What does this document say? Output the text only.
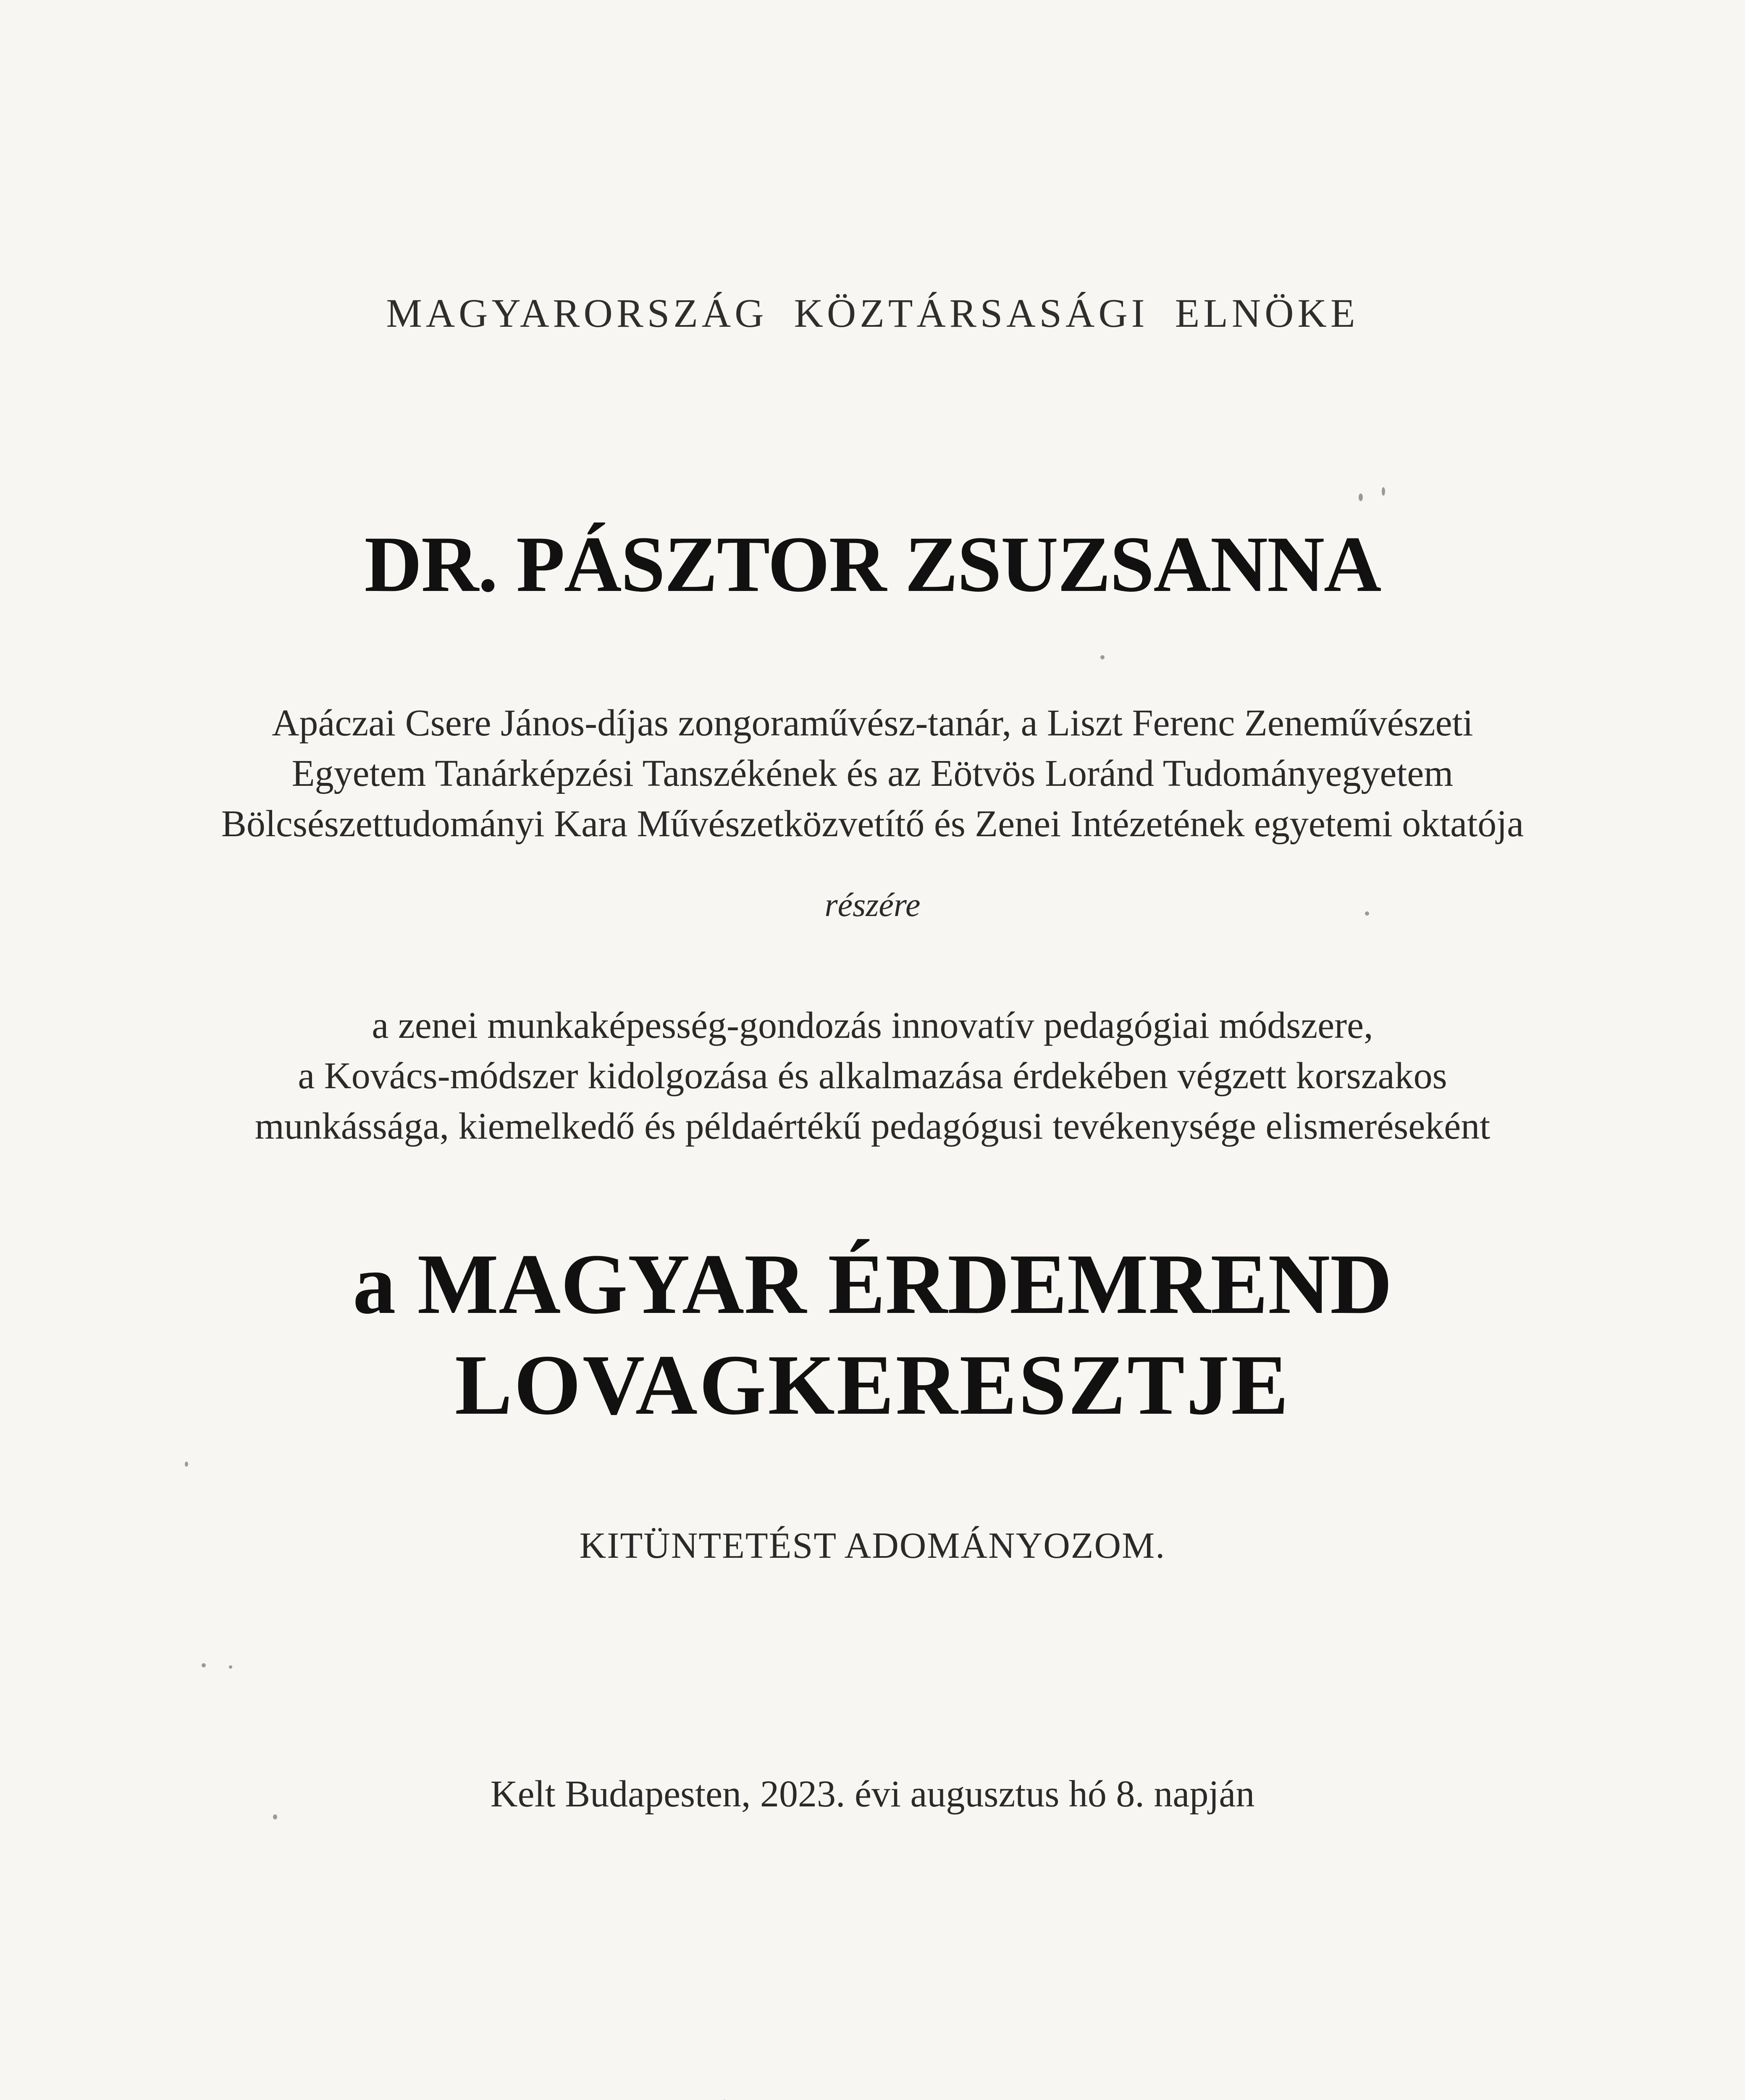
MAGYARORSZÁG KÖZTÁRSASÁGI ELNÖKE
DR. PÁSZTOR ZSUZSANNA
Apáczai Csere János-díjas zongoraművész-tanár, a Liszt Ferenc Zeneművészeti
Egyetem Tanárképzési Tanszékének és az Eötvös Loránd Tudományegyetem
Bölcsészettudományi Kara Művészetközvetítő és Zenei Intézetének egyetemi oktatója
részére
a zenei munkaképesség-gondozás innovatív pedagógiai módszere,
a Kovács-módszer kidolgozása és alkalmazása érdekében végzett korszakos
munkássága, kiemelkedő és példaértékű pedagógusi tevékenysége elismeréseként
a MAGYAR ÉRDEMREND
LOVAGKERESZTJE
KITÜNTETÉST ADOMÁNYOZOM.
Kelt Budapesten, 2023. évi augusztus hó 8. napján
